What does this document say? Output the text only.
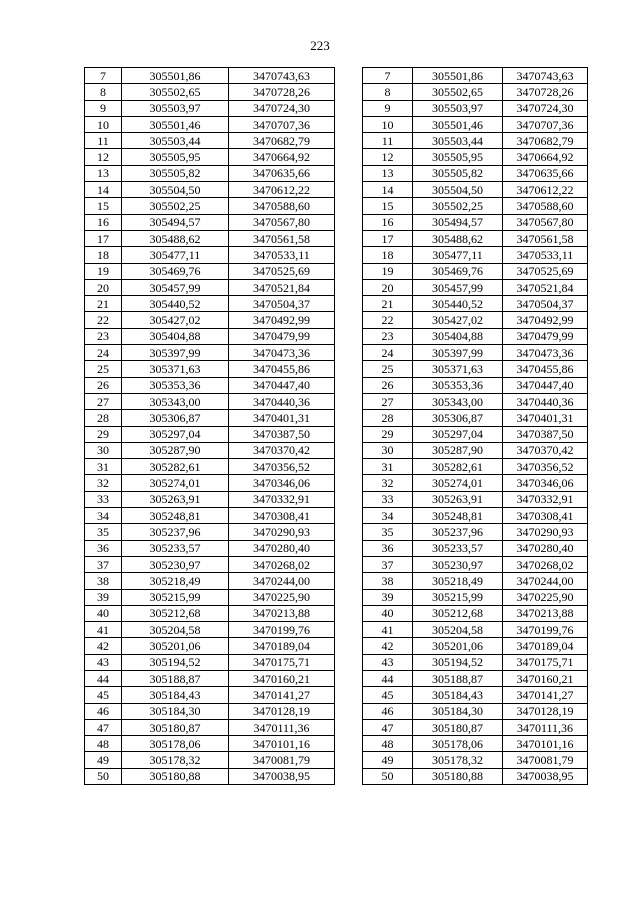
223
7	305501,86	3470743,63
8	305502,65	3470728,26
9	305503,97	3470724,30
10	305501,46	3470707,36
11	305503,44	3470682,79
12	305505,95	3470664,92
13	305505,82	3470635,66
14	305504,50	3470612,22
15	305502,25	3470588,60
16	305494,57	3470567,80
17	305488,62	3470561,58
18	305477,11	3470533,11
19	305469,76	3470525,69
20	305457,99	3470521,84
21	305440,52	3470504,37
22	305427,02	3470492,99
23	305404,88	3470479,99
24	305397,99	3470473,36
25	305371,63	3470455,86
26	305353,36	3470447,40
27	305343,00	3470440,36
28	305306,87	3470401,31
29	305297,04	3470387,50
30	305287,90	3470370,42
31	305282,61	3470356,52
32	305274,01	3470346,06
33	305263,91	3470332,91
34	305248,81	3470308,41
35	305237,96	3470290,93
36	305233,57	3470280,40
37	305230,97	3470268,02
38	305218,49	3470244,00
39	305215,99	3470225,90
40	305212,68	3470213,88
41	305204,58	3470199,76
42	305201,06	3470189,04
43	305194,52	3470175,71
44	305188,87	3470160,21
45	305184,43	3470141,27
46	305184,30	3470128,19
47	305180,87	3470111,36
48	305178,06	3470101,16
49	305178,32	3470081,79
50	305180,88	3470038,95
7	305501,86	3470743,63
8	305502,65	3470728,26
9	305503,97	3470724,30
10	305501,46	3470707,36
11	305503,44	3470682,79
12	305505,95	3470664,92
13	305505,82	3470635,66
14	305504,50	3470612,22
15	305502,25	3470588,60
16	305494,57	3470567,80
17	305488,62	3470561,58
18	305477,11	3470533,11
19	305469,76	3470525,69
20	305457,99	3470521,84
21	305440,52	3470504,37
22	305427,02	3470492,99
23	305404,88	3470479,99
24	305397,99	3470473,36
25	305371,63	3470455,86
26	305353,36	3470447,40
27	305343,00	3470440,36
28	305306,87	3470401,31
29	305297,04	3470387,50
30	305287,90	3470370,42
31	305282,61	3470356,52
32	305274,01	3470346,06
33	305263,91	3470332,91
34	305248,81	3470308,41
35	305237,96	3470290,93
36	305233,57	3470280,40
37	305230,97	3470268,02
38	305218,49	3470244,00
39	305215,99	3470225,90
40	305212,68	3470213,88
41	305204,58	3470199,76
42	305201,06	3470189,04
43	305194,52	3470175,71
44	305188,87	3470160,21
45	305184,43	3470141,27
46	305184,30	3470128,19
47	305180,87	3470111,36
48	305178,06	3470101,16
49	305178,32	3470081,79
50	305180,88	3470038,95
